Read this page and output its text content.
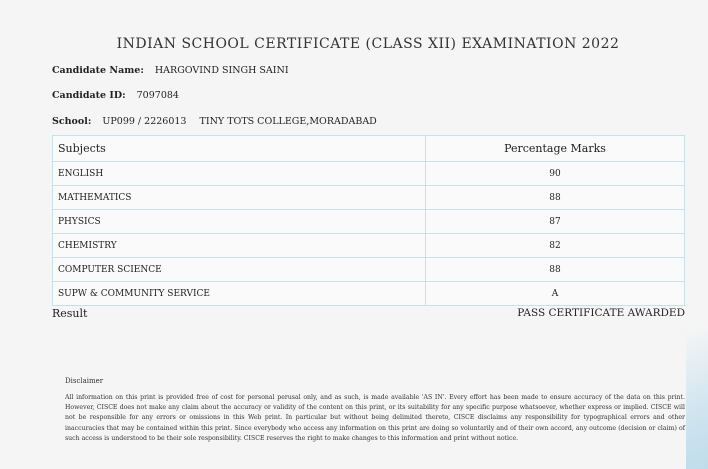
INDIAN SCHOOL CERTIFICATE (CLASS XII) EXAMINATION 2022
Candidate Name: HARGOVIND SINGH SAINI
Candidate ID: 7097084
School: UP099 / 2226013 TINY TOTS COLLEGE,MORADABAD
Subjects	Percentage Marks
ENGLISH	90
MATHEMATICS	88
PHYSICS	87
CHEMISTRY	82
COMPUTER SCIENCE	88
SUPW & COMMUNITY SERVICE	A
Result	PASS CERTIFICATE AWARDED
Disclaimer
All information on this print is provided free of cost for personal perusal only, and as such, is made available 'AS IN'. Every effort has been made to ensure accuracy of the data on this print. However, CISCE does not make any claim about the accuracy or validity of the content on this print, or its suitability for any specific purpose whatsoever, whether express or implied. CISCE will not be responsible for any errors or omissions in this Web print. In particular but without being delimited thereto, CISCE disclaims any responsibility for typographical errors and other inaccuracies that may be contained within this print. Since everybody who access any information on this print are doing so voluntarily and of their own accord, any outcome (decision or claim) of such access is understood to be their sole responsibility. CISCE reserves the right to make changes to this information and print without notice.
